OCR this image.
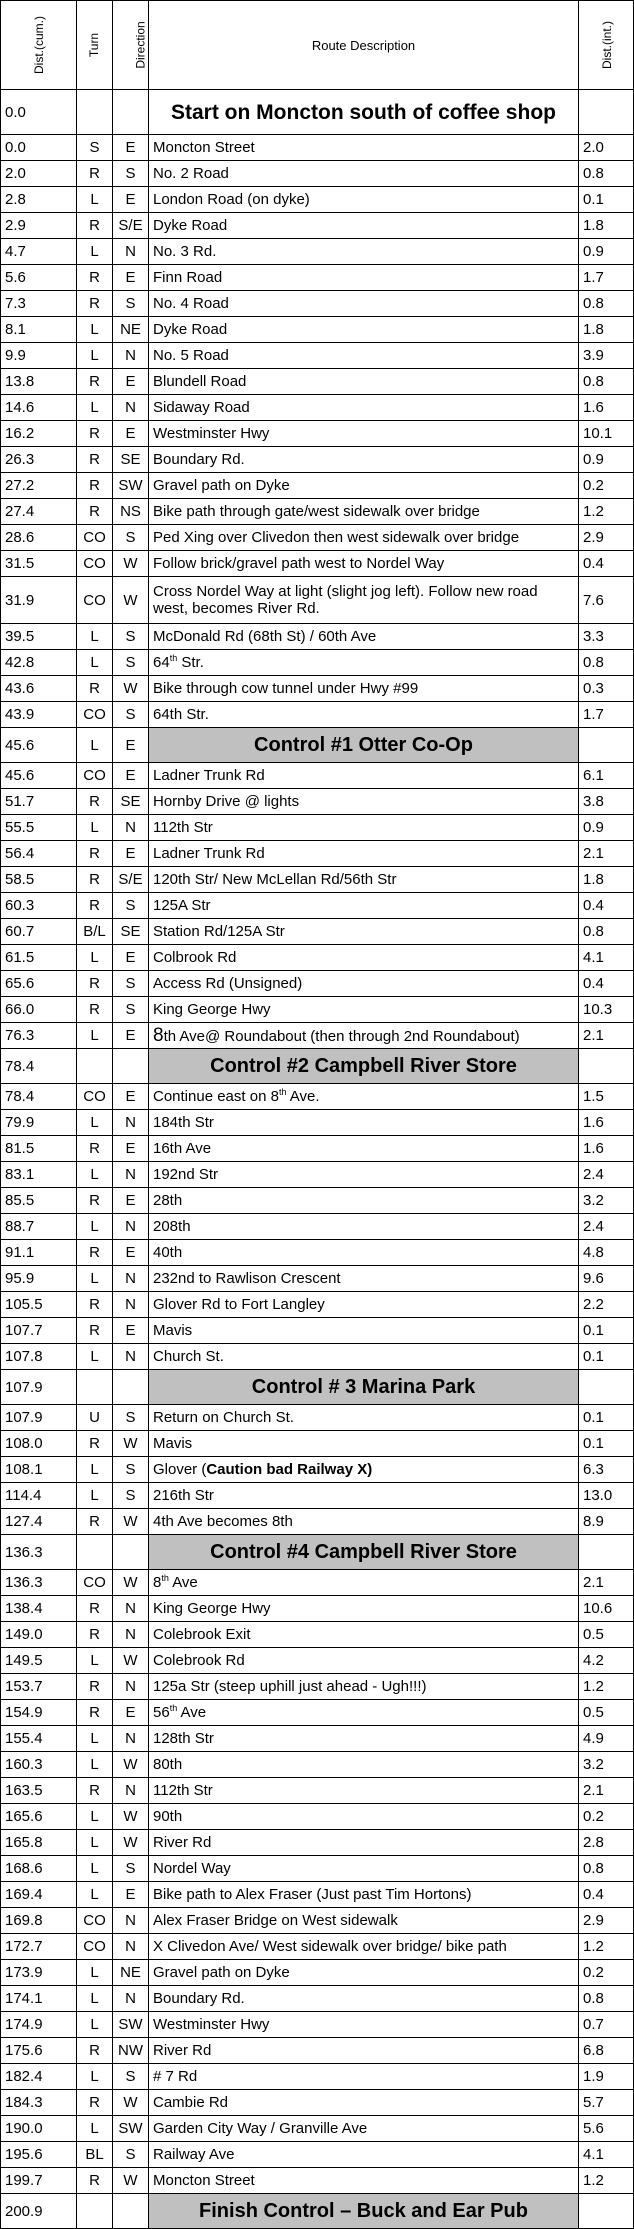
Dist.(cum.)	Turn	Direction	Route Description	Dist.(int.)
0.0			Start on Moncton south of coffee shop	
0.0	S	E	Moncton Street	2.0
2.0	R	S	No. 2 Road	0.8
2.8	L	E	London Road (on dyke)	0.1
2.9	R	S/E	Dyke Road	1.8
4.7	L	N	No. 3 Rd.	0.9
5.6	R	E	Finn Road	1.7
7.3	R	S	No. 4 Road	0.8
8.1	L	NE	Dyke Road	1.8
9.9	L	N	No. 5 Road	3.9
13.8	R	E	Blundell Road	0.8
14.6	L	N	Sidaway Road	1.6
16.2	R	E	Westminster Hwy	10.1
26.3	R	SE	Boundary Rd.	0.9
27.2	R	SW	Gravel path on Dyke	0.2
27.4	R	NS	Bike path through gate/west sidewalk over bridge	1.2
28.6	CO	S	Ped Xing over Clivedon then west sidewalk over bridge	2.9
31.5	CO	W	Follow brick/gravel path west to Nordel Way	0.4
31.9	CO	W	Cross Nordel Way at light (slight jog left). Follow new road west, becomes River Rd.	7.6
39.5	L	S	McDonald Rd (68th St) / 60th Ave	3.3
42.8	L	S	64th Str.	0.8
43.6	R	W	Bike through cow tunnel under Hwy #99	0.3
43.9	CO	S	64th Str.	1.7
45.6	L	E	Control #1 Otter Co-Op	
45.6	CO	E	Ladner Trunk Rd	6.1
51.7	R	SE	Hornby Drive @ lights	3.8
55.5	L	N	112th Str	0.9
56.4	R	E	Ladner Trunk Rd	2.1
58.5	R	S/E	120th Str/ New McLellan Rd/56th Str	1.8
60.3	R	S	125A Str	0.4
60.7	B/L	SE	Station Rd/125A Str	0.8
61.5	L	E	Colbrook Rd	4.1
65.6	R	S	Access Rd (Unsigned)	0.4
66.0	R	S	King George Hwy	10.3
76.3	L	E	8th Ave@ Roundabout (then through 2nd Roundabout)	2.1
78.4			Control #2 Campbell River Store	
78.4	CO	E	Continue east on 8th Ave.	1.5
79.9	L	N	184th Str	1.6
81.5	R	E	16th Ave	1.6
83.1	L	N	192nd Str	2.4
85.5	R	E	28th	3.2
88.7	L	N	208th	2.4
91.1	R	E	40th	4.8
95.9	L	N	232nd to Rawlison Crescent	9.6
105.5	R	N	Glover Rd to Fort Langley	2.2
107.7	R	E	Mavis	0.1
107.8	L	N	Church St.	0.1
107.9			Control # 3 Marina Park	
107.9	U	S	Return on Church St.	0.1
108.0	R	W	Mavis	0.1
108.1	L	S	Glover (Caution bad Railway X)	6.3
114.4	L	S	216th Str	13.0
127.4	R	W	4th Ave becomes 8th	8.9
136.3			Control #4 Campbell River Store	
136.3	CO	W	8th Ave	2.1
138.4	R	N	King George Hwy	10.6
149.0	R	N	Colebrook Exit	0.5
149.5	L	W	Colebrook Rd	4.2
153.7	R	N	125a Str (steep uphill just ahead - Ugh!!!)	1.2
154.9	R	E	56th Ave	0.5
155.4	L	N	128th Str	4.9
160.3	L	W	80th	3.2
163.5	R	N	112th Str	2.1
165.6	L	W	90th	0.2
165.8	L	W	River Rd	2.8
168.6	L	S	Nordel Way	0.8
169.4	L	E	Bike path to Alex Fraser (Just past Tim Hortons)	0.4
169.8	CO	N	Alex Fraser Bridge on West sidewalk	2.9
172.7	CO	N	X Clivedon Ave/ West sidewalk over bridge/ bike path	1.2
173.9	L	NE	Gravel path on Dyke	0.2
174.1	L	N	Boundary Rd.	0.8
174.9	L	SW	Westminster Hwy	0.7
175.6	R	NW	River Rd	6.8
182.4	L	S	# 7 Rd	1.9
184.3	R	W	Cambie Rd	5.7
190.0	L	SW	Garden City Way / Granville Ave	5.6
195.6	BL	S	Railway Ave	4.1
199.7	R	W	Moncton Street	1.2
200.9			Finish Control – Buck and Ear Pub	
